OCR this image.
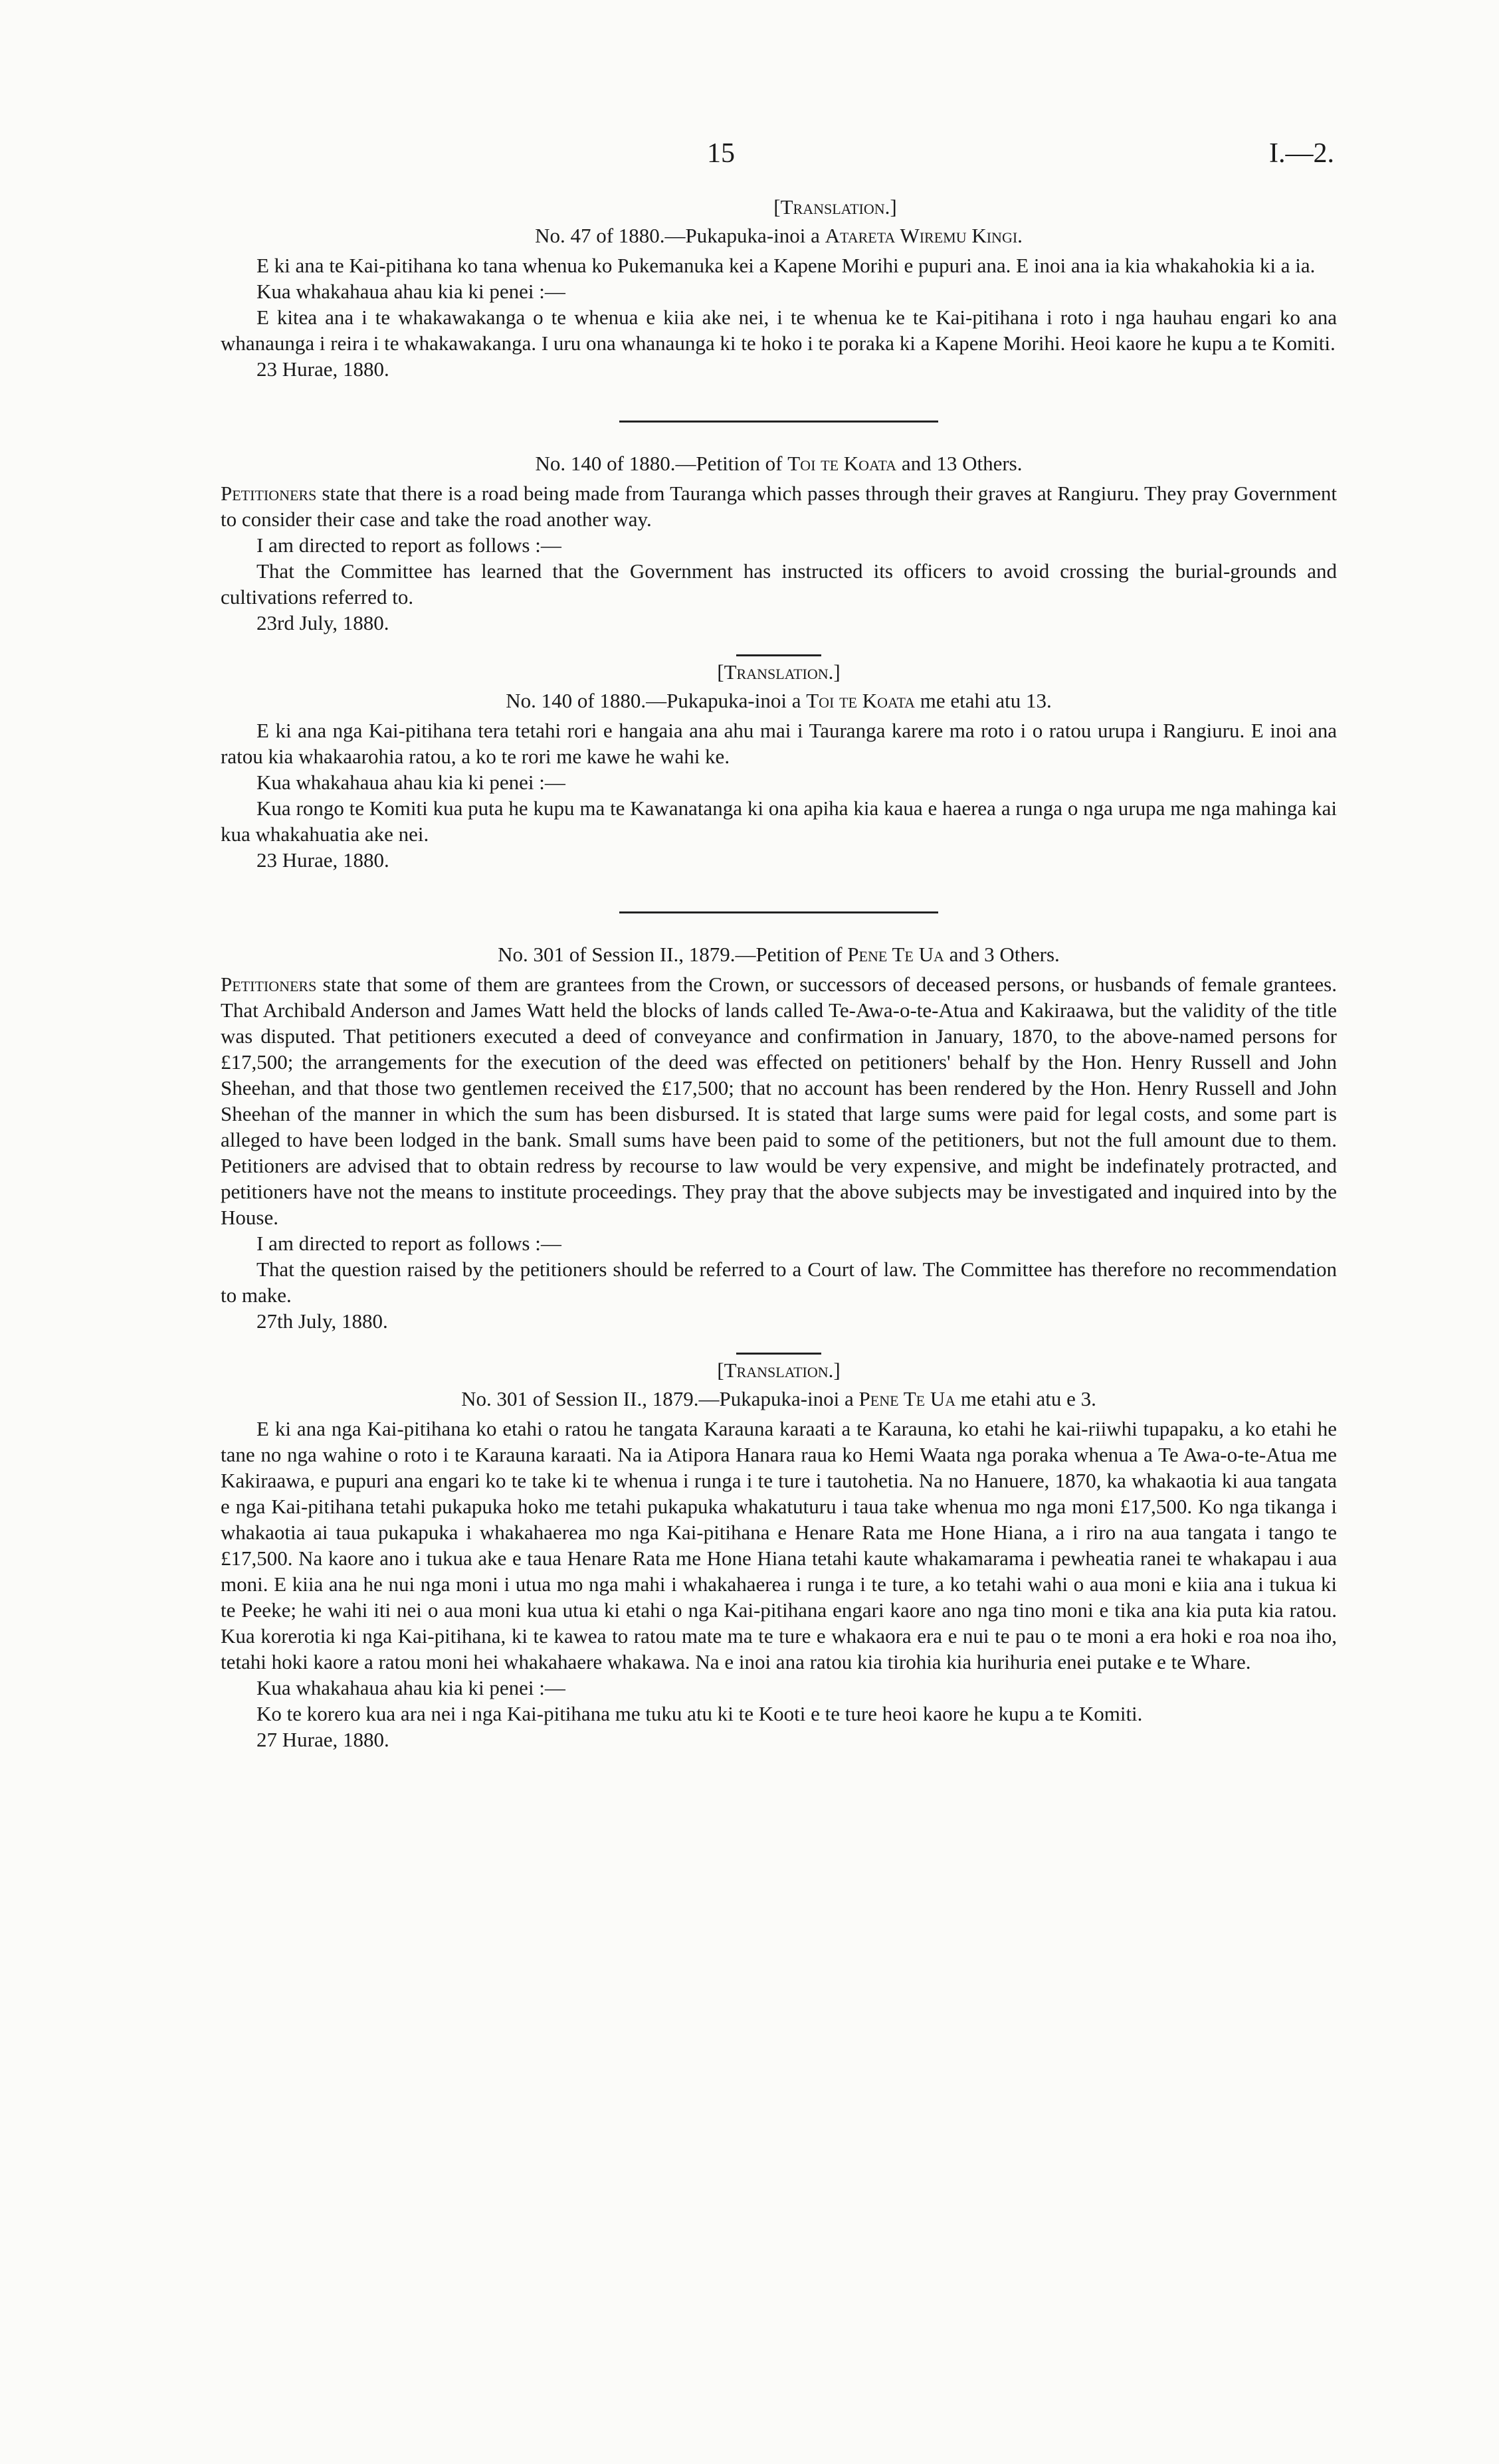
15	I.—2.
[Translation.]
No. 47 of 1880.—Pukapuka-inoi a Atareta Wiremu Kingi.

E ki ana te Kai-pitihana ko tana whenua ko Pukemanuka kei a Kapene Morihi e pupuri ana. E inoi ana ia kia whakahokia ki a ia.

Kua whakahaua ahau kia ki penei :—

E kitea ana i te whakawakanga o te whenua e kiia ake nei, i te whenua ke te Kai-pitihana i roto i nga hauhau engari ko ana whanaunga i reira i te whakawakanga. I uru ona whanaunga ki te hoko i te poraka ki a Kapene Morihi. Heoi kaore he kupu a te Komiti.

23 Hurae, 1880.

No. 140 of 1880.—Petition of Toi te Koata and 13 Others.

Petitioners state that there is a road being made from Tauranga which passes through their graves at Rangiuru. They pray Government to consider their case and take the road another way.

I am directed to report as follows :—

That the Committee has learned that the Government has instructed its officers to avoid crossing the burial-grounds and cultivations referred to.

23rd July, 1880.

[Translation.]
No. 140 of 1880.—Pukapuka-inoi a Toi te Koata me etahi atu 13.

E ki ana nga Kai-pitihana tera tetahi rori e hangaia ana ahu mai i Tauranga karere ma roto i o ratou urupa i Rangiuru. E inoi ana ratou kia whakaarohia ratou, a ko te rori me kawe he wahi ke.

Kua whakahaua ahau kia ki penei :—

Kua rongo te Komiti kua puta he kupu ma te Kawanatanga ki ona apiha kia kaua e haerea a runga o nga urupa me nga mahinga kai kua whakahuatia ake nei.

23 Hurae, 1880.

No. 301 of Session II., 1879.—Petition of Pene Te Ua and 3 Others.

Petitioners state that some of them are grantees from the Crown, or successors of deceased persons, or husbands of female grantees. That Archibald Anderson and James Watt held the blocks of lands called Te-Awa-o-te-Atua and Kakiraawa, but the validity of the title was disputed. That petitioners executed a deed of conveyance and confirmation in January, 1870, to the above-named persons for £17,500; the arrangements for the execution of the deed was effected on petitioners' behalf by the Hon. Henry Russell and John Sheehan, and that those two gentlemen received the £17,500; that no account has been rendered by the Hon. Henry Russell and John Sheehan of the manner in which the sum has been disbursed. It is stated that large sums were paid for legal costs, and some part is alleged to have been lodged in the bank. Small sums have been paid to some of the petitioners, but not the full amount due to them. Petitioners are advised that to obtain redress by recourse to law would be very expensive, and might be indefinately protracted, and petitioners have not the means to institute proceedings. They pray that the above subjects may be investigated and inquired into by the House.

I am directed to report as follows :—

That the question raised by the petitioners should be referred to a Court of law. The Committee has therefore no recommendation to make.

27th July, 1880.

[Translation.]
No. 301 of Session II., 1879.—Pukapuka-inoi a Pene Te Ua me etahi atu e 3.

E ki ana nga Kai-pitihana ko etahi o ratou he tangata Karauna karaati a te Karauna, ko etahi he kai-riiwhi tupapaku, a ko etahi he tane no nga wahine o roto i te Karauna karaati. Na ia Atipora Hanara raua ko Hemi Waata nga poraka whenua a Te Awa-o-te-Atua me Kakiraawa, e pupuri ana engari ko te take ki te whenua i runga i te ture i tautohetia. Na no Hanuere, 1870, ka whakaotia ki aua tangata e nga Kai-pitihana tetahi pukapuka hoko me tetahi pukapuka whakatuturu i taua take whenua mo nga moni £17,500. Ko nga tikanga i whakaotia ai taua pukapuka i whakahaerea mo nga Kai-pitihana e Henare Rata me Hone Hiana, a i riro na aua tangata i tango te £17,500. Na kaore ano i tukua ake e taua Henare Rata me Hone Hiana tetahi kaute whakamarama i pewheatia ranei te whakapau i aua moni. E kiia ana he nui nga moni i utua mo nga mahi i whakahaerea i runga i te ture, a ko tetahi wahi o aua moni e kiia ana i tukua ki te Peeke; he wahi iti nei o aua moni kua utua ki etahi o nga Kai-pitihana engari kaore ano nga tino moni e tika ana kia puta kia ratou. Kua korerotia ki nga Kai-pitihana, ki te kawea to ratou mate ma te ture e whakaora era e nui te pau o te moni a era hoki e roa noa iho, tetahi hoki kaore a ratou moni hei whakahaere whakawa. Na e inoi ana ratou kia tirohia kia hurihuria enei putake e te Whare.

Kua whakahaua ahau kia ki penei :—

Ko te korero kua ara nei i nga Kai-pitihana me tuku atu ki te Kooti e te ture heoi kaore he kupu a te Komiti.

27 Hurae, 1880.
